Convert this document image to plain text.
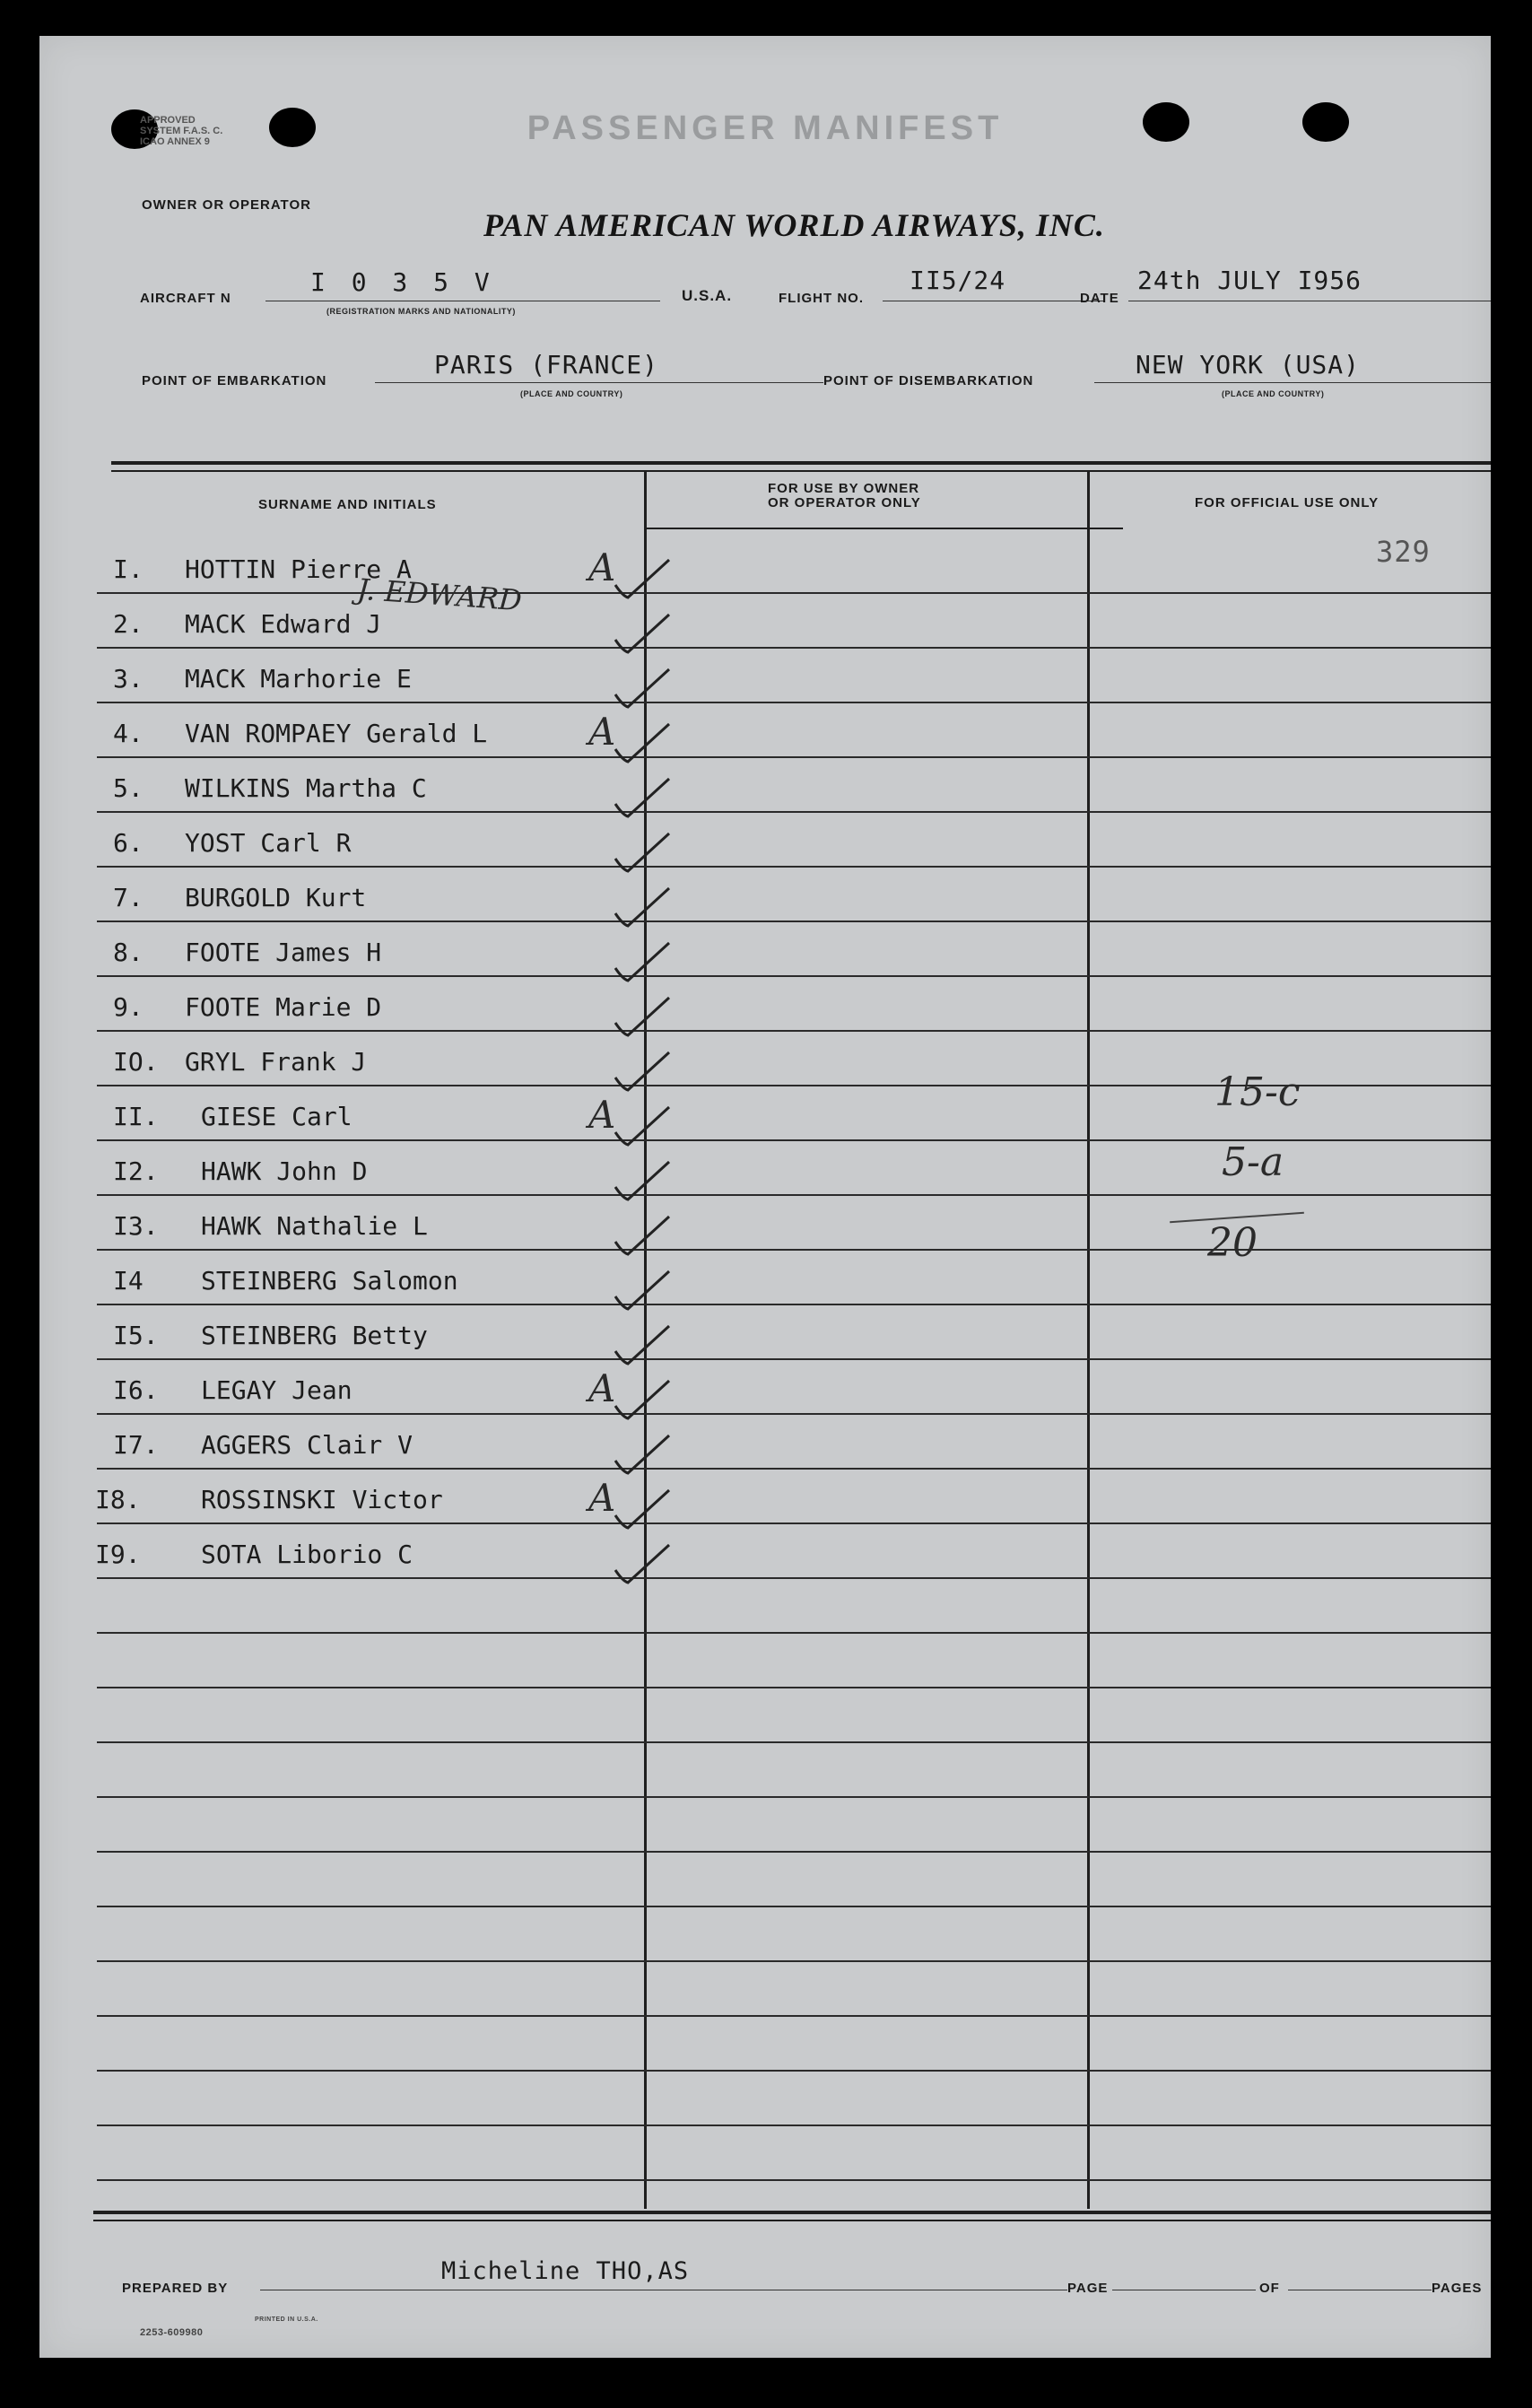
APPROVED
SYSTEM F.A.S. C.
ICAO ANNEX 9	PASSENGER MANIFEST
OWNER OR OPERATOR
PAN AMERICAN WORLD AIRWAYS, INC.
AIRCRAFT N
I 0 3 5 V
(REGISTRATION MARKS AND NATIONALITY)
U.S.A.	FLIGHT NO.
II5/24
DATE
24th JULY I956
POINT OF EMBARKATION
PARIS (FRANCE)
(PLACE AND COUNTRY)
POINT OF DISEMBARKATION
NEW YORK (USA)
(PLACE AND COUNTRY)
SURNAME AND INITIALS
FOR USE BY OWNER
OR OPERATOR ONLY	FOR OFFICIAL USE ONLY
I. HOTTIN Pierre A	A
2. MACK Edward J
3. MACK Marhorie E
4. VAN ROMPAEY Gerald L	A
5. WILKINS Martha C
6. YOST Carl R
7. BURGOLD Kurt
8. FOOTE James H
9. FOOTE Marie D
IO. GRYL Frank J
II. GIESE Carl	A
I2. HAWK John D
I3. HAWK Nathalie L
I4 STEINBERG Salomon
I5. STEINBERG Betty
I6. LEGAY Jean	A
I7. AGGERS Clair V
I8. ROSSINSKI Victor	A
I9. SOTA Liborio C
J. EDWARD
329
15-c
5-a
20
PREPARED BY
Micheline THO,AS
PAGE	OF	PAGES
2253-609980
PRINTED IN U.S.A.
